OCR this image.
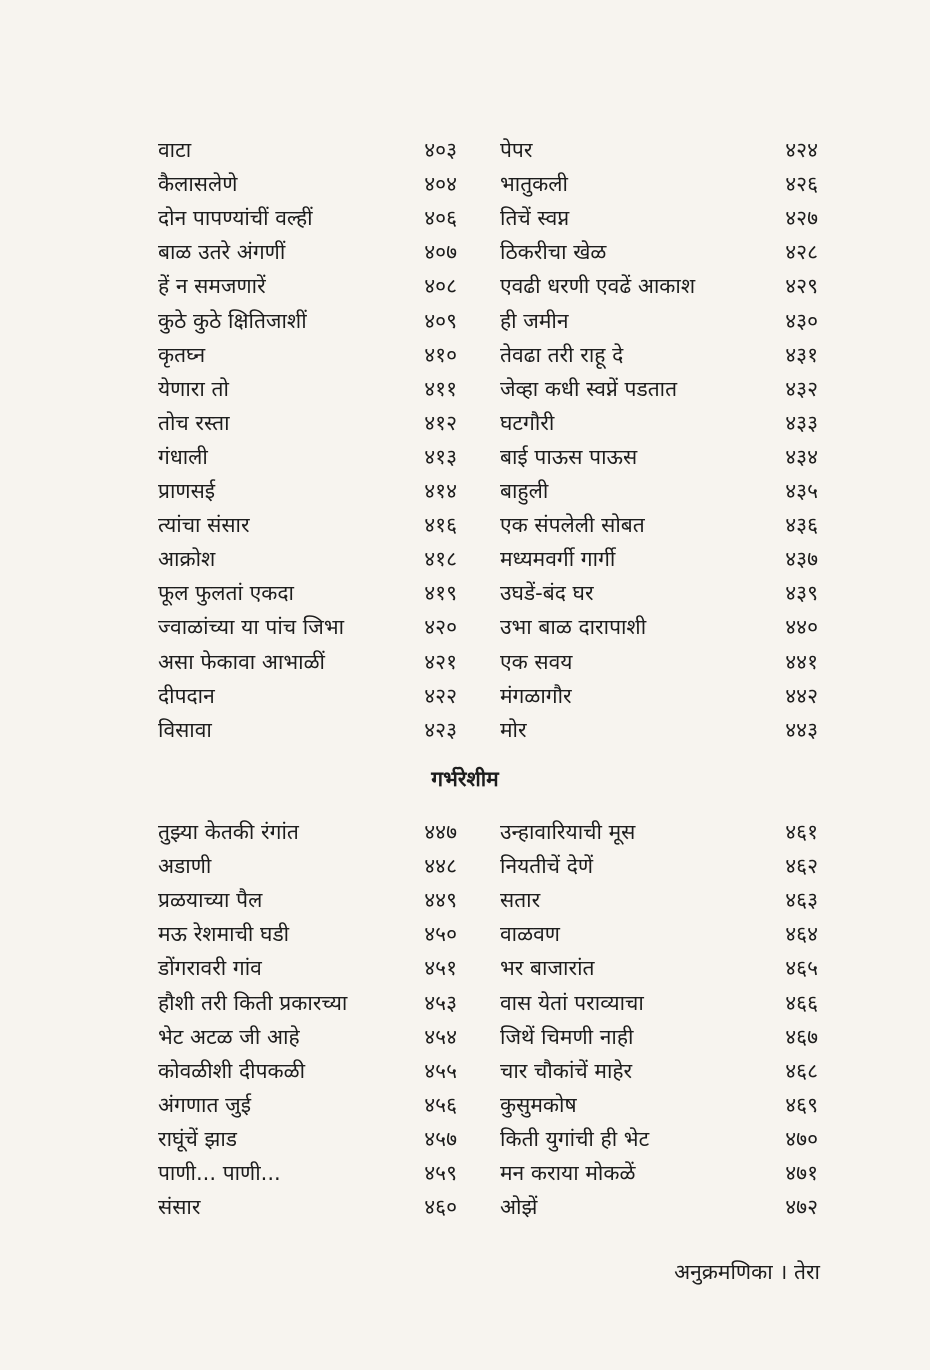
वाटा	४०३ पेपर	४२४
कैलासलेणे	४०४ भातुकली	४२६
दोन पापण्यांचीं वल्हीं	४०६ तिचें स्वप्न	४२७
बाळ उतरे अंगणीं	४०७ ठिकरीचा खेळ	४२८
हें न समजणारें	४०८ एवढी धरणी एवढें आकाश	४२९
कुठे कुठे क्षितिजाशीं	४०९ ही जमीन	४३०
कृतघ्न	४१० तेवढा तरी राहू दे	४३१
येणारा तो	४११ जेव्हा कधी स्वप्नें पडतात	४३२
तोच रस्ता	४१२ घटगौरी	४३३
गंधाली	४१३ बाई पाऊस पाऊस	४३४
प्राणसई	४१४ बाहुली	४३५
त्यांचा संसार	४१६ एक संपलेली सोबत	४३६
आक्रोश	४१८ मध्यमवर्गी गार्गी	४३७
फूल फुलतां एकदा	४१९ उघडें-बंद घर	४३९
ज्वाळांच्या या पांच जिभा	४२० उभा बाळ दारापाशी	४४०
असा फेकावा आभाळीं	४२१ एक सवय	४४१
दीपदान	४२२ मंगळागौर	४४२
विसावा	४२३ मोर	४४३
गर्भरेशीम
तुझ्या केतकी रंगांत	४४७ उन्हावारियाची मूस	४६१
अडाणी	४४८ नियतीचें देणें	४६२
प्रळयाच्या पैल	४४९ सतार	४६३
मऊ रेशमाची घडी	४५० वाळवण	४६४
डोंगरावरी गांव	४५१ भर बाजारांत	४६५
हौशी तरी किती प्रकारच्या	४५३ वास येतां पराव्याचा	४६६
भेट अटळ जी आहे	४५४ जिथें चिमणी नाही	४६७
कोवळीशी दीपकळी	४५५ चार चौकांचें माहेर	४६८
अंगणात जुई	४५६ कुसुमकोष	४६९
राघूंचें झाड	४५७ किती युगांची ही भेट	४७०
पाणी... पाणी...	४५९ मन कराया मोकळें	४७१
संसार	४६० ओझें	४७२
अनुक्रमणिका । तेरा
